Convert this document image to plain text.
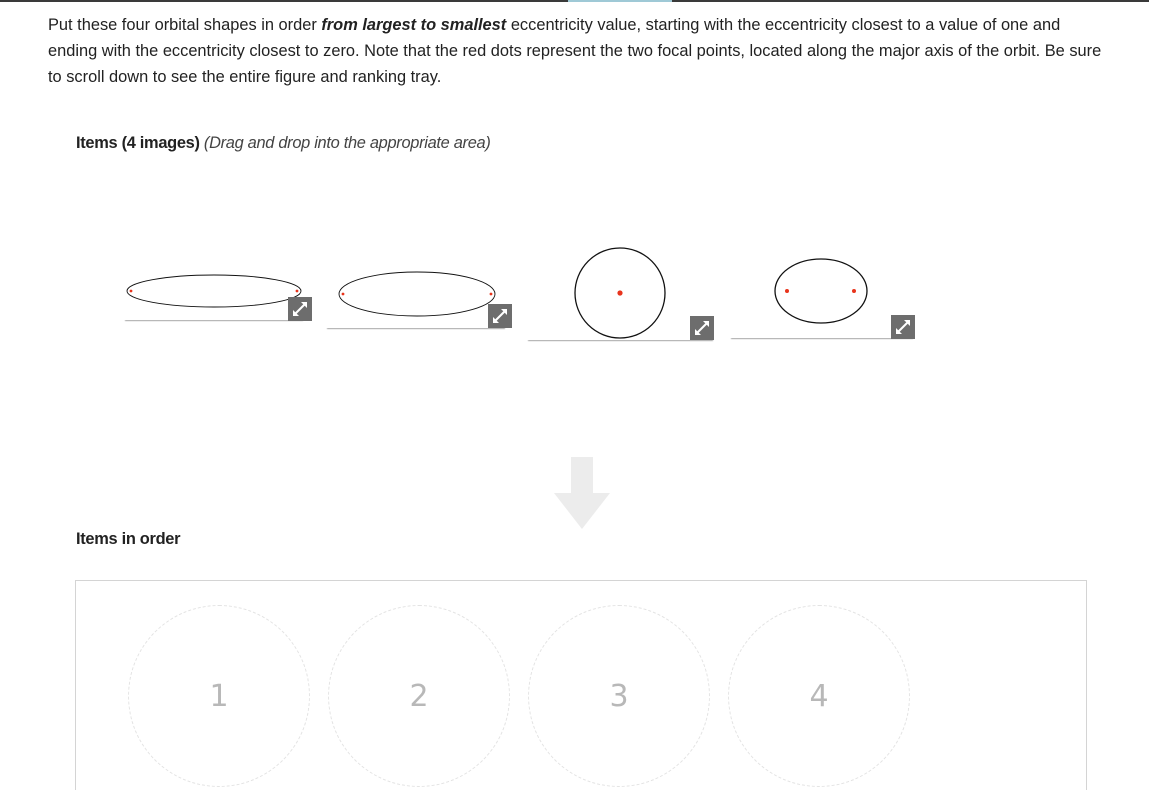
Put these four orbital shapes in order from largest to smallest eccentricity value, starting with the eccentricity closest to a value of one and ending with the eccentricity closest to zero. Note that the red dots represent the two focal points, located along the major axis of the orbit. Be sure to scroll down to see the entire figure and ranking tray.

Items (4 images) (Drag and drop into the appropriate area)
Items in order
1	2	3	4
